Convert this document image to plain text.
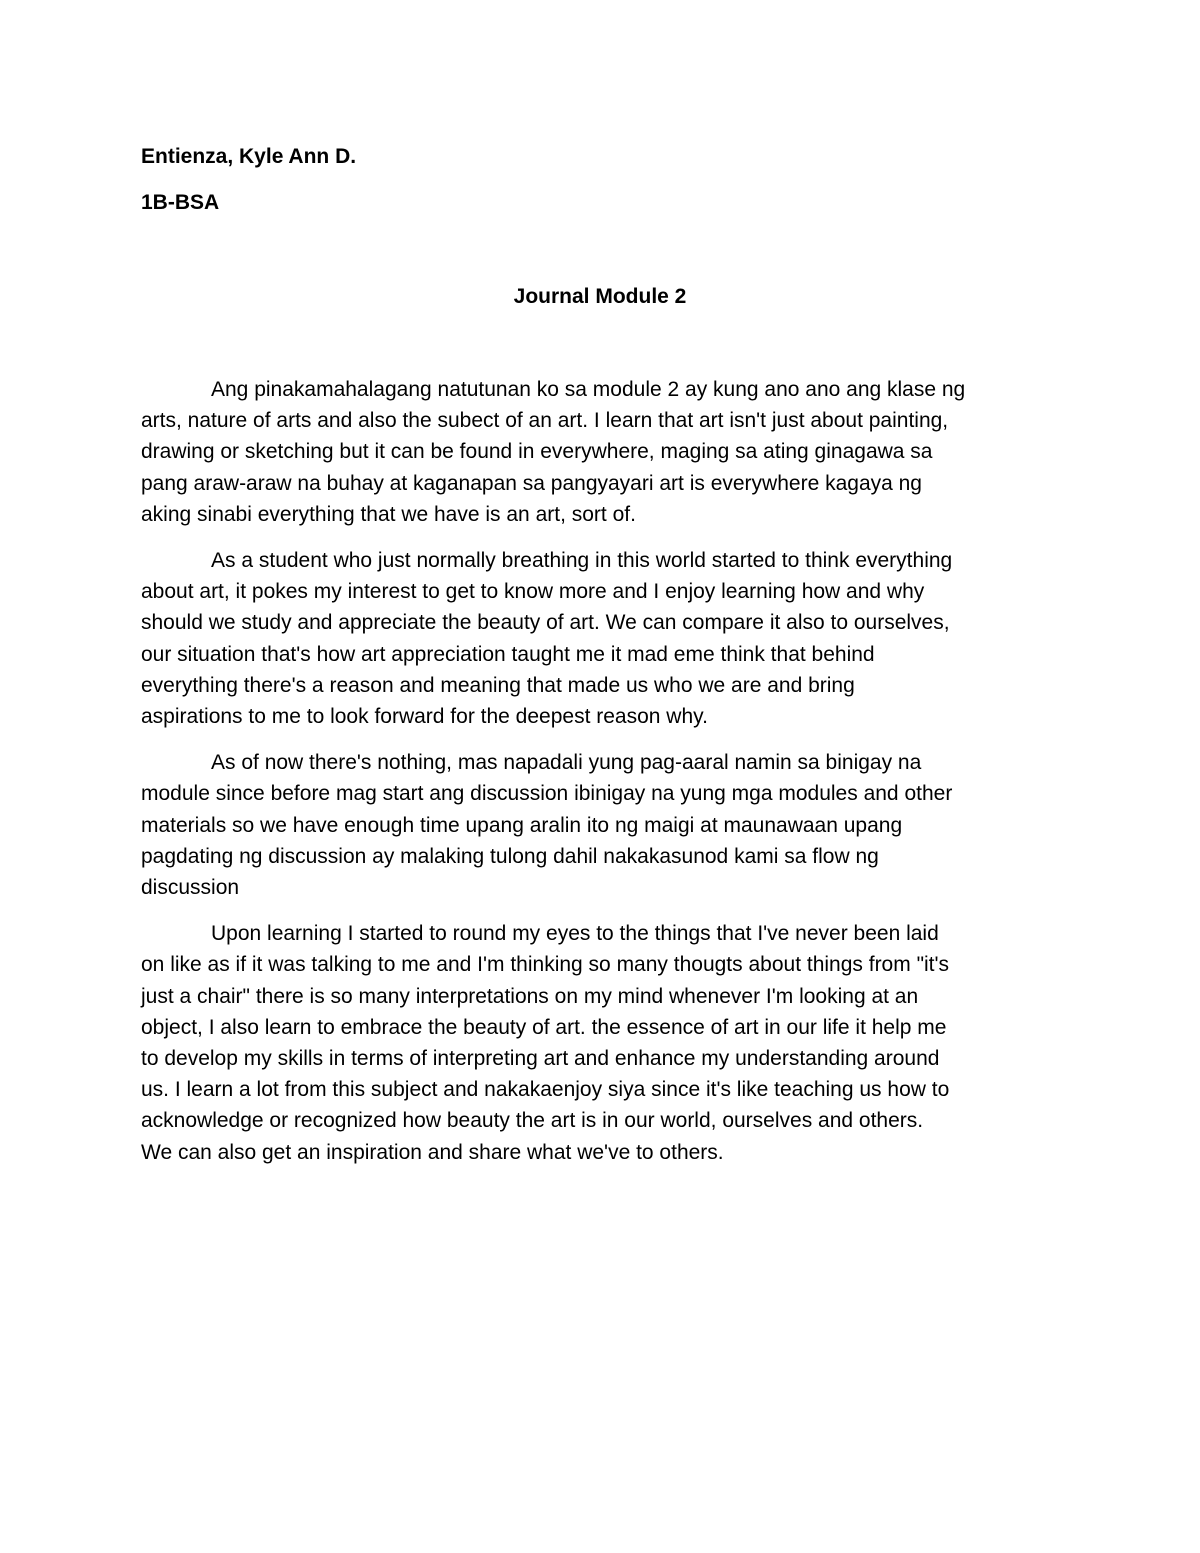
Entienza, Kyle Ann D.
1B-BSA
Journal Module 2

Ang pinakamahalagang natutunan ko sa module 2 ay kung ano ano ang klase ng
arts, nature of arts and also the subect of an art. I learn that art isn't just about painting,
drawing or sketching but it can be found in everywhere, maging sa ating ginagawa sa
pang araw-araw na buhay at kaganapan sa pangyayari art is everywhere kagaya ng
aking sinabi everything that we have is an art, sort of.

As a student who just normally breathing in this world started to think everything
about art, it pokes my interest to get to know more and I enjoy learning how and why
should we study and appreciate the beauty of art. We can compare it also to ourselves,
our situation that's how art appreciation taught me it mad eme think that behind
everything there's a reason and meaning that made us who we are and bring
aspirations to me to look forward for the deepest reason why.

As of now there's nothing, mas napadali yung pag-aaral namin sa binigay na
module since before mag start ang discussion ibinigay na yung mga modules and other
materials so we have enough time upang aralin ito ng maigi at maunawaan upang
pagdating ng discussion ay malaking tulong dahil nakakasunod kami sa flow ng
discussion

Upon learning I started to round my eyes to the things that I've never been laid
on like as if it was talking to me and I'm thinking so many thougts about things from "it's
just a chair" there is so many interpretations on my mind whenever I'm looking at an
object, I also learn to embrace the beauty of art. the essence of art in our life it help me
to develop my skills in terms of interpreting art and enhance my understanding around
us. I learn a lot from this subject and nakakaenjoy siya since it's like teaching us how to
acknowledge or recognized how beauty the art is in our world, ourselves and others.
We can also get an inspiration and share what we've to others.
